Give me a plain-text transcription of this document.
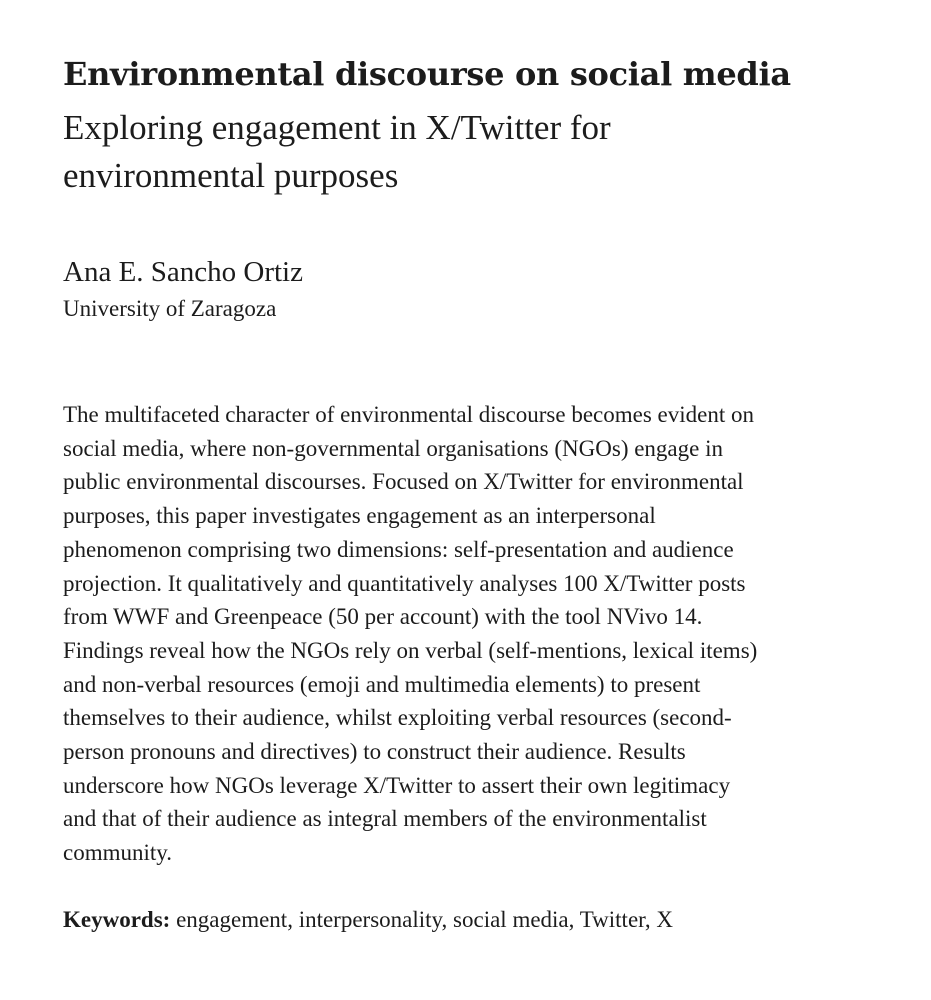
Environmental discourse on social media
Exploring engagement in X/Twitter for environmental purposes
Ana E. Sancho Ortiz
University of Zaragoza
The multifaceted character of environmental discourse becomes evident on
social media, where non-governmental organisations (NGOs) engage in
public environmental discourses. Focused on X/Twitter for environmental
purposes, this paper investigates engagement as an interpersonal
phenomenon comprising two dimensions: self-presentation and audience
projection. It qualitatively and quantitatively analyses 100 X/Twitter posts
from WWF and Greenpeace (50 per account) with the tool NVivo 14.
Findings reveal how the NGOs rely on verbal (self-mentions, lexical items)
and non-verbal resources (emoji and multimedia elements) to present
themselves to their audience, whilst exploiting verbal resources (second-
person pronouns and directives) to construct their audience. Results
underscore how NGOs leverage X/Twitter to assert their own legitimacy
and that of their audience as integral members of the environmentalist
community.
Keywords: engagement, interpersonality, social media, Twitter, X
